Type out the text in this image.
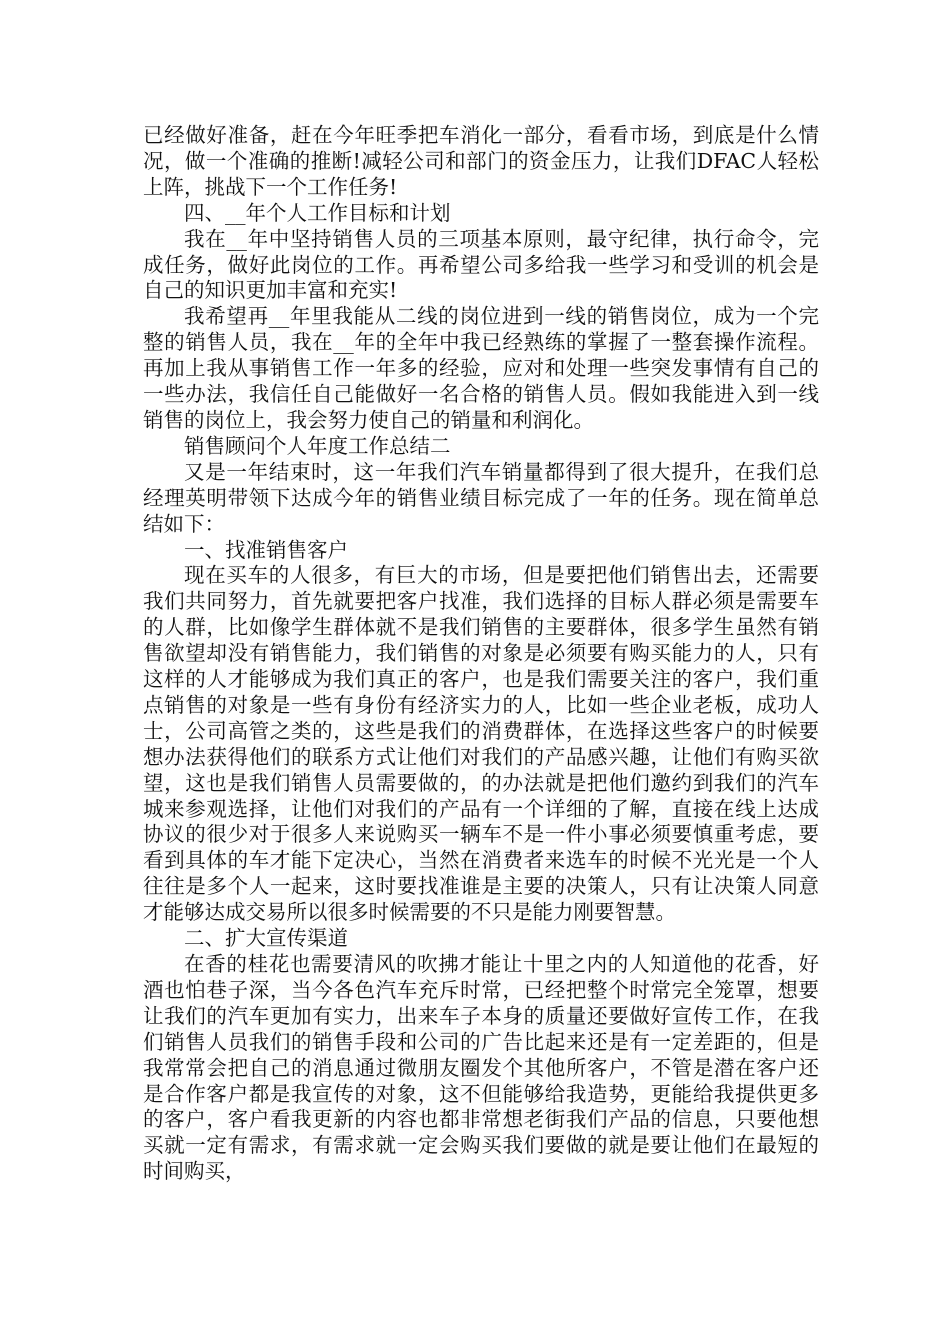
已经做好准备，赶在今年旺季把车消化一部分，看看市场，到底是什么情况，做一个准确的推断!减轻公司和部门的资金压力，让我们DFAC人轻松上阵，挑战下一个工作任务!

四、__年个人工作目标和计划

我在__年中坚持销售人员的三项基本原则，最守纪律，执行命令，完成任务，做好此岗位的工作。再希望公司多给我一些学习和受训的机会是自己的知识更加丰富和充实!

我希望再__年里我能从二线的岗位进到一线的销售岗位，成为一个完整的销售人员，我在__年的全年中我已经熟练的掌握了一整套操作流程。再加上我从事销售工作一年多的经验，应对和处理一些突发事情有自己的一些办法，我信任自己能做好一名合格的销售人员。假如我能进入到一线销售的岗位上，我会努力使自己的销量和利润化。

销售顾问个人年度工作总结二

又是一年结束时，这一年我们汽车销量都得到了很大提升，在我们总经理英明带领下达成今年的销售业绩目标完成了一年的任务。现在简单总结如下：

一、找准销售客户

现在买车的人很多，有巨大的市场，但是要把他们销售出去，还需要我们共同努力，首先就要把客户找准，我们选择的目标人群必须是需要车的人群，比如像学生群体就不是我们销售的主要群体，很多学生虽然有销售欲望却没有销售能力，我们销售的对象是必须要有购买能力的人，只有这样的人才能够成为我们真正的客户，也是我们需要关注的客户，我们重点销售的对象是一些有身份有经济实力的人，比如一些企业老板，成功人士，公司高管之类的，这些是我们的消费群体，在选择这些客户的时候要想办法获得他们的联系方式让他们对我们的产品感兴趣，让他们有购买欲望，这也是我们销售人员需要做的，的办法就是把他们邀约到我们的汽车城来参观选择，让他们对我们的产品有一个详细的了解，直接在线上达成协议的很少对于很多人来说购买一辆车不是一件小事必须要慎重考虑，要看到具体的车才能下定决心，当然在消费者来选车的时候不光光是一个人往往是多个人一起来，这时要找准谁是主要的决策人，只有让决策人同意才能够达成交易所以很多时候需要的不只是能力刚要智慧。

二、扩大宣传渠道

在香的桂花也需要清风的吹拂才能让十里之内的人知道他的花香，好酒也怕巷子深，当今各色汽车充斥时常，已经把整个时常完全笼罩，想要让我们的汽车更加有实力，出来车子本身的质量还要做好宣传工作，在我们销售人员我们的销售手段和公司的广告比起来还是有一定差距的，但是我常常会把自己的消息通过微朋友圈发个其他所客户，不管是潜在客户还是合作客户都是我宣传的对象，这不但能够给我造势，更能给我提供更多的客户，客户看我更新的内容也都非常想老街我们产品的信息，只要他想买就一定有需求，有需求就一定会购买我们要做的就是要让他们在最短的时间购买，
